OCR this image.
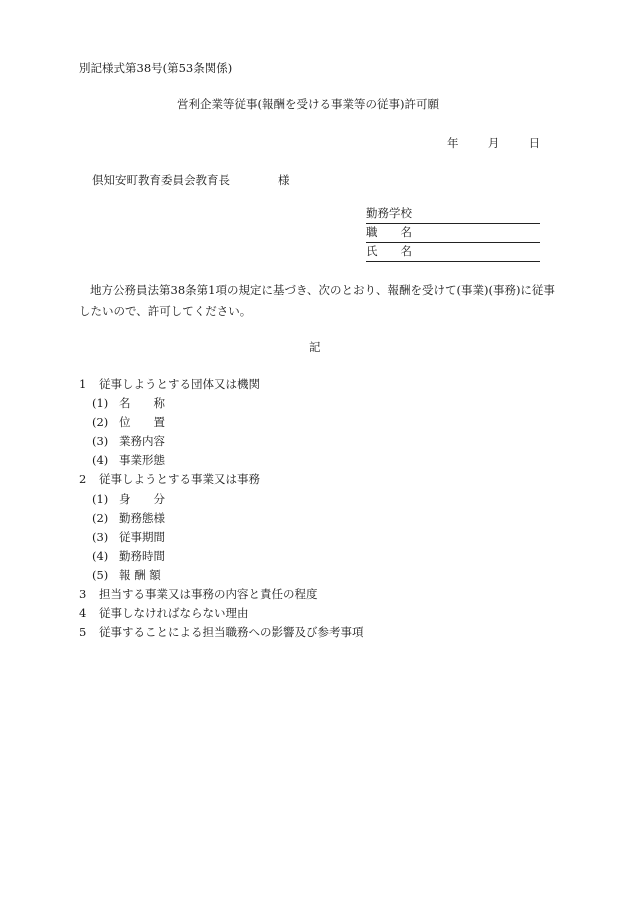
別記様式第38号(第53条関係)
営利企業等従事(報酬を受ける事業等の従事)許可願
年	月	日
倶知安町教育委員会教育長	様
勤務学校
職　　名
氏　　名
地方公務員法第38条第1項の規定に基づき、次のとおり、報酬を受けて(事業)(事務)に従事したいので、許可してください。
記
1 従事しようとする団体又は機関
(1) 名　　称
(2) 位　　置
(3) 業務内容
(4) 事業形態
2 従事しようとする事業又は事務
(1) 身　　分
(2) 勤務態様
(3) 従事期間
(4) 勤務時間
(5) 報 酬 額
3 担当する事業又は事務の内容と責任の程度
4 従事しなければならない理由
5 従事することによる担当職務への影響及び参考事項
